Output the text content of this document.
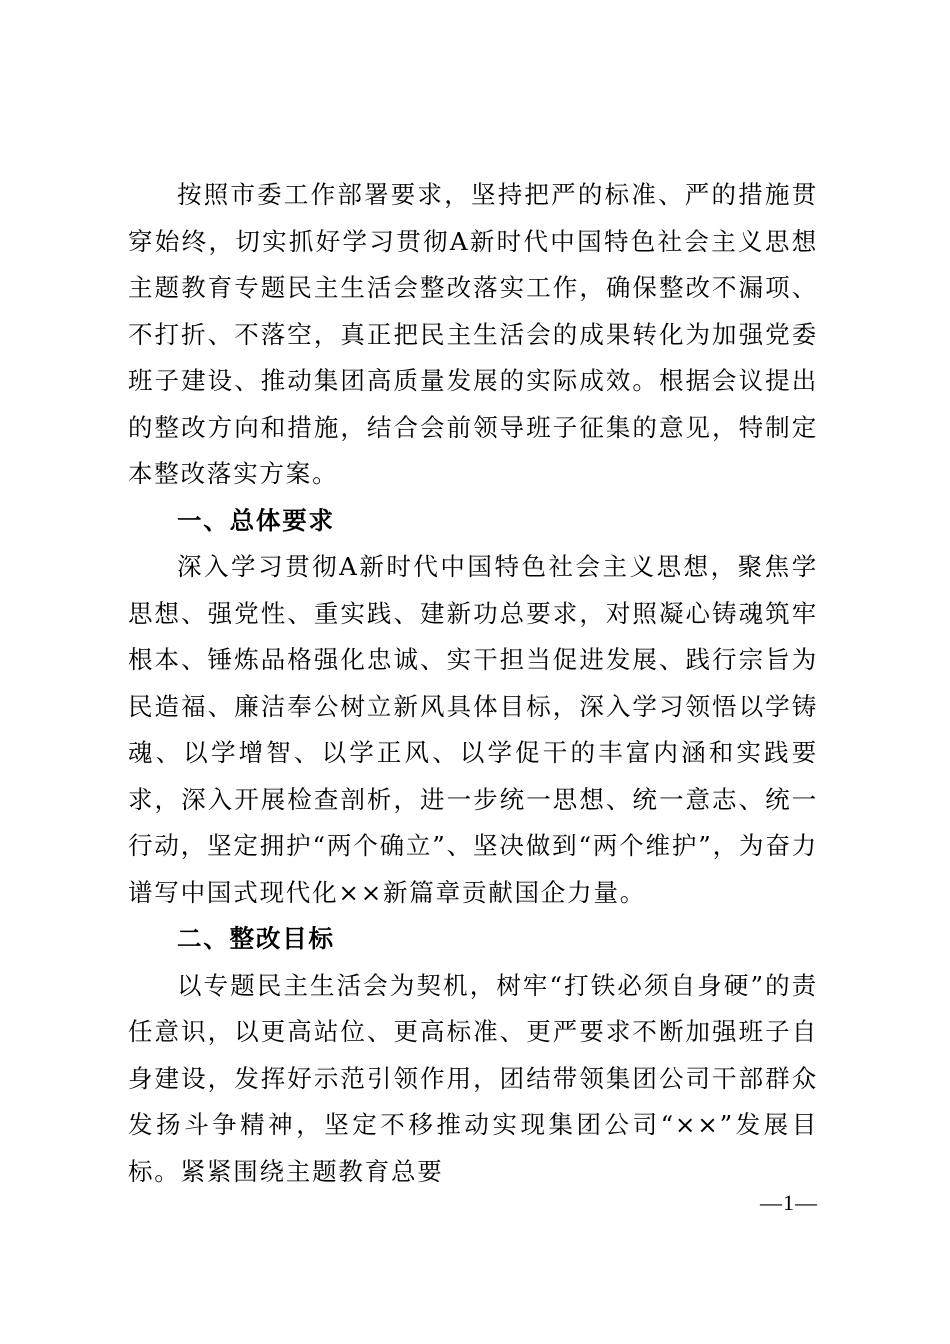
按照市委工作部署要求，坚持把严的标准、严的措施贯穿始终，切实抓好学习贯彻A新时代中国特色社会主义思想主题教育专题民主生活会整改落实工作，确保整改不漏项、不打折、不落空，真正把民主生活会的成果转化为加强党委班子建设、推动集团高质量发展的实际成效。根据会议提出的整改方向和措施，结合会前领导班子征集的意见，特制定本整改落实方案。

一、总体要求

深入学习贯彻A新时代中国特色社会主义思想，聚焦学思想、强党性、重实践、建新功总要求，对照凝心铸魂筑牢根本、锤炼品格强化忠诚、实干担当促进发展、践行宗旨为民造福、廉洁奉公树立新风具体目标，深入学习领悟以学铸魂、以学增智、以学正风、以学促干的丰富内涵和实践要求，深入开展检查剖析，进一步统一思想、统一意志、统一行动，坚定拥护“两个确立”、坚决做到“两个维护”，为奋力谱写中国式现代化××新篇章贡献国企力量。

二、整改目标

以专题民主生活会为契机，树牢“打铁必须自身硬”的责任意识，以更高站位、更高标准、更严要求不断加强班子自身建设，发挥好示范引领作用，团结带领集团公司干部群众发扬斗争精神，坚定不移推动实现集团公司“××”发展目标。紧紧围绕主题教育总要

—1—
